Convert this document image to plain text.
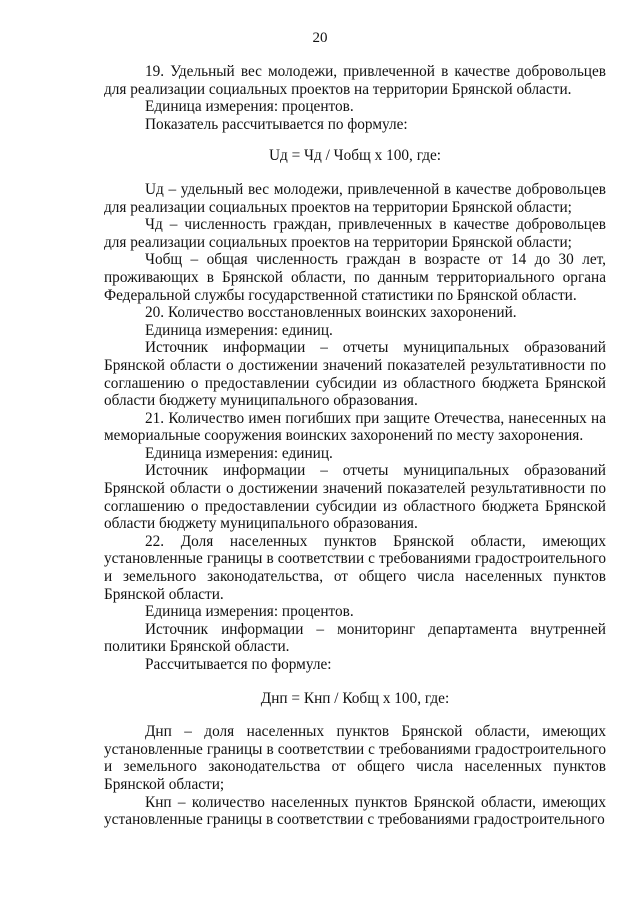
20

19. Удельный вес молодежи, привлеченной в качестве добровольцев для реализации социальных проектов на территории Брянской области.

Единица измерения: процентов.

Показатель рассчитывается по формуле:

Uд = Чд / Чобщ х 100, где:

Uд – удельный вес молодежи, привлеченной в качестве добровольцев для реализации социальных проектов на территории Брянской области;

Чд – численность граждан, привлеченных в качестве добровольцев для реализации социальных проектов на территории Брянской области;

Чобщ – общая численность граждан в возрасте от 14 до 30 лет, проживающих в Брянской области, по данным территориального органа Федеральной службы государственной статистики по Брянской области.

20. Количество восстановленных воинских захоронений.

Единица измерения: единиц.

Источник информации – отчеты муниципальных образований Брянской области о достижении значений показателей результативности по соглашению о предоставлении субсидии из областного бюджета Брянской области бюджету муниципального образования.

21. Количество имен погибших при защите Отечества, нанесенных на мемориальные сооружения воинских захоронений по месту захоронения.

Единица измерения: единиц.

Источник информации – отчеты муниципальных образований Брянской области о достижении значений показателей результативности по соглашению о предоставлении субсидии из областного бюджета Брянской области бюджету муниципального образования.

22. Доля населенных пунктов Брянской области, имеющих установленные границы в соответствии с требованиями градостроительного и земельного законодательства, от общего числа населенных пунктов Брянской области.

Единица измерения: процентов.

Источник информации – мониторинг департамента внутренней политики Брянской области.

Рассчитывается по формуле:

Днп = Кнп / Кобщ х 100, где:

Днп – доля населенных пунктов Брянской области, имеющих установленные границы в соответствии с требованиями градостроительного и земельного законодательства от общего числа населенных пунктов Брянской области;

Кнп – количество населенных пунктов Брянской области, имеющих установленные границы в соответствии с требованиями градостроительного
